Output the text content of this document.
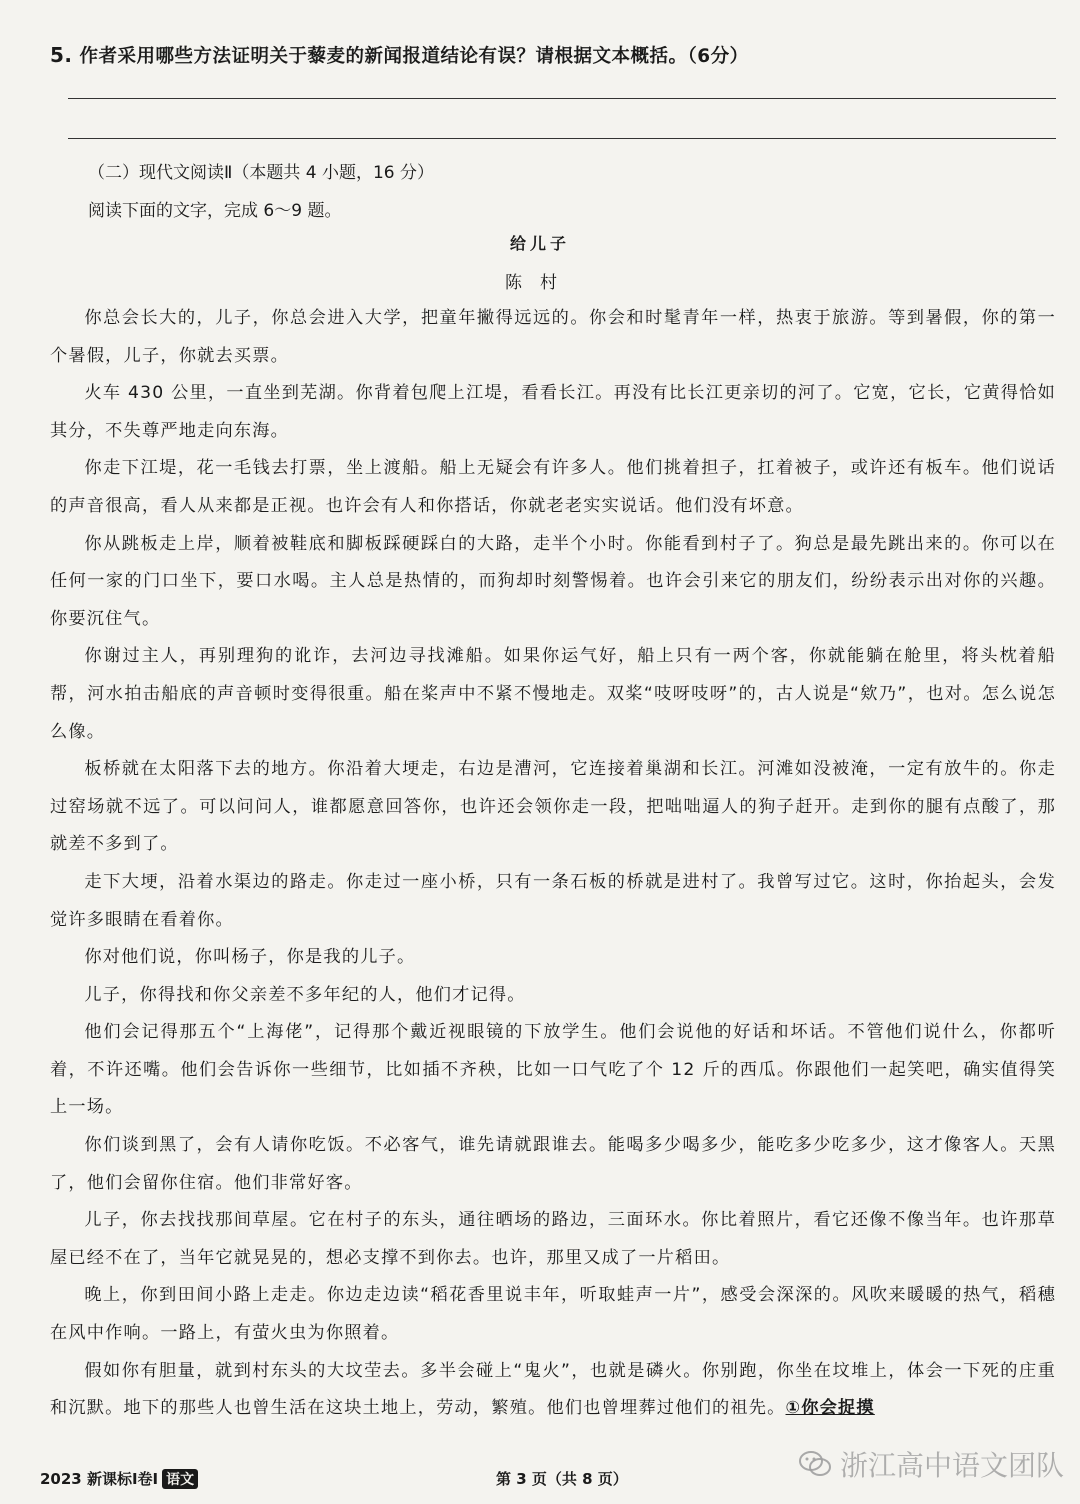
5. 作者采用哪些方法证明关于藜麦的新闻报道结论有误？请根据文本概括。（6分）
（二）现代文阅读Ⅱ（本题共 4 小题，16 分）
阅读下面的文字，完成 6～9 题。
给儿子
陈村

你总会长大的，儿子，你总会进入大学，把童年撇得远远的。你会和时髦青年一样，热衷于旅游。等到暑假，你的第一个暑假，儿子，你就去买票。

火车 430 公里，一直坐到芜湖。你背着包爬上江堤，看看长江。再没有比长江更亲切的河了。它宽，它长，它黄得恰如其分，不失尊严地走向东海。

你走下江堤，花一毛钱去打票，坐上渡船。船上无疑会有许多人。他们挑着担子，扛着被子，或许还有板车。他们说话的声音很高，看人从来都是正视。也许会有人和你搭话，你就老老实实说话。他们没有坏意。

你从跳板走上岸，顺着被鞋底和脚板踩硬踩白的大路，走半个小时。你能看到村子了。狗总是最先跳出来的。你可以在任何一家的门口坐下，要口水喝。主人总是热情的，而狗却时刻警惕着。也许会引来它的朋友们，纷纷表示出对你的兴趣。你要沉住气。

你谢过主人，再别理狗的讹诈，去河边寻找滩船。如果你运气好，船上只有一两个客，你就能躺在舱里，将头枕着船帮，河水拍击船底的声音顿时变得很重。船在桨声中不紧不慢地走。双桨“吱呀吱呀”的，古人说是“欸乃”，也对。怎么说怎么像。

板桥就在太阳落下去的地方。你沿着大埂走，右边是漕河，它连接着巢湖和长江。河滩如没被淹，一定有放牛的。你走过窑场就不远了。可以问问人，谁都愿意回答你，也许还会领你走一段，把咄咄逼人的狗子赶开。走到你的腿有点酸了，那就差不多到了。

走下大埂，沿着水渠边的路走。你走过一座小桥，只有一条石板的桥就是进村了。我曾写过它。这时，你抬起头，会发觉许多眼睛在看着你。

你对他们说，你叫杨子，你是我的儿子。

儿子，你得找和你父亲差不多年纪的人，他们才记得。

他们会记得那五个“上海佬”，记得那个戴近视眼镜的下放学生。他们会说他的好话和坏话。不管他们说什么，你都听着，不许还嘴。他们会告诉你一些细节，比如插不齐秧，比如一口气吃了个 12 斤的西瓜。你跟他们一起笑吧，确实值得笑上一场。

你们谈到黑了，会有人请你吃饭。不必客气，谁先请就跟谁去。能喝多少喝多少，能吃多少吃多少，这才像客人。天黑了，他们会留你住宿。他们非常好客。

儿子，你去找找那间草屋。它在村子的东头，通往晒场的路边，三面环水。你比着照片，看它还像不像当年。也许那草屋已经不在了，当年它就晃晃的，想必支撑不到你去。也许，那里又成了一片稻田。

晚上，你到田间小路上走走。你边走边读“稻花香里说丰年，听取蛙声一片”，感受会深深的。风吹来暖暖的热气，稻穗在风中作响。一路上，有萤火虫为你照着。

假如你有胆量，就到村东头的大坟茔去。多半会碰上“鬼火”，也就是磷火。你别跑，你坐在坟堆上，体会一下死的庄重和沉默。地下的那些人也曾生活在这块土地上，劳动，繁殖。他们也曾埋葬过他们的祖先。①你会捉摸

2023 新课标Ⅰ卷Ⅰ 语文	第 3 页（共 8 页）	浙江高中语文团队
